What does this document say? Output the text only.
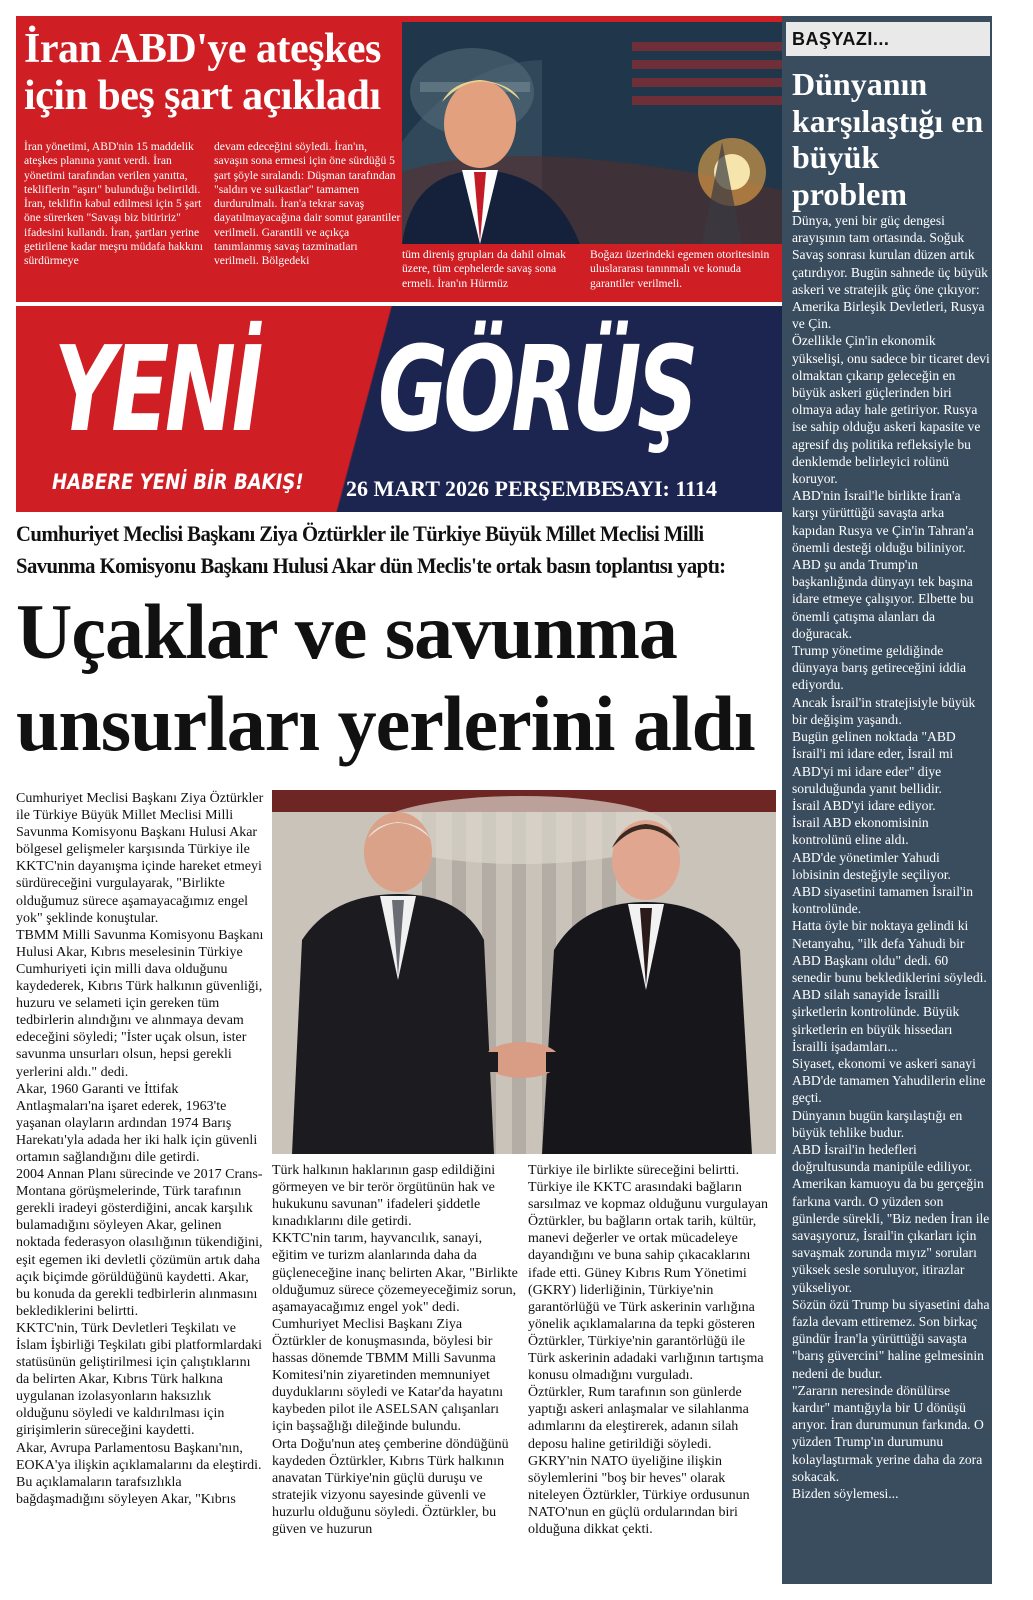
İran ABD'ye ateşkes için beş şart açıkladı
İran yönetimi, ABD'nin 15 maddelik ateşkes planına yanıt verdi. İran yönetimi tarafından verilen yanıtta, tekliflerin "aşırı" bulunduğu belirtildi. İran, teklifin kabul edilmesi için 5 şart öne sürerken "Savaşı biz bitiririz" ifadesini kullandı. İran, şartları yerine getirilene kadar meşru müdafa hakkını sürdürmeye
devam edeceğini söyledi. İran'ın, savaşın sona ermesi için öne sürdüğü 5 şart şöyle sıralandı: Düşman tarafından "saldırı ve suikastlar" tamamen durdurulmalı. İran'a tekrar savaş dayatılmayacağına dair somut garantiler verilmeli. Garantili ve açıkça tanımlanmış savaş tazminatları verilmeli. Bölgedeki	tüm direniş grupları da dahil olmak üzere, tüm cephelerde savaş sona ermeli. İran'ın Hürmüz
Boğazı üzerindeki egemen otoritesinin uluslararası tanınmalı ve konuda garantiler verilmeli.
YENİ GÖRÜŞ
HABERE YENİ BİR BAKIŞ! 26 MART 2026 PERŞEMBE
SAYI: 1114
BAŞYAZI...
Dünyanın karşılaştığı en büyük problem

Dünya, yeni bir güç dengesi arayışının tam ortasında. Soğuk Savaş sonrası kurulan düzen artık çatırdıyor. Bugün sahnede üç büyük askeri ve stratejik güç öne çıkıyor: Amerika Birleşik Devletleri, Rusya ve Çin.

Özellikle Çin'in ekonomik yükselişi, onu sadece bir ticaret devi olmaktan çıkarıp geleceğin en büyük askeri güçlerinden biri olmaya aday hale getiriyor. Rusya ise sahip olduğu askeri kapasite ve agresif dış politika refleksiyle bu denklemde belirleyici rolünü koruyor.

ABD'nin İsrail'le birlikte İran'a karşı yürüttüğü savaşta arka kapıdan Rusya ve Çin'in Tahran'a önemli desteği olduğu biliniyor.

ABD şu anda Trump'ın başkanlığında dünyayı tek başına idare etmeye çalışıyor. Elbette bu önemli çatışma alanları da doğuracak.

Trump yönetime geldiğinde dünyaya barış getireceğini iddia ediyordu.

Ancak İsrail'in stratejisiyle büyük bir değişim yaşandı.

Bugün gelinen noktada "ABD İsrail'i mi idare eder, İsrail mi ABD'yi mi idare eder" diye sorulduğunda yanıt bellidir.

İsrail ABD'yi idare ediyor.

İsrail ABD ekonomisinin kontrolünü eline aldı.

ABD'de yönetimler Yahudi lobisinin desteğiyle seçiliyor.

ABD siyasetini tamamen İsrail'in kontrolünde.

Hatta öyle bir noktaya gelindi ki Netanyahu, "ilk defa Yahudi bir ABD Başkanı oldu" dedi. 60 senedir bunu beklediklerini söyledi.

ABD silah sanayide İsrailli şirketlerin kontrolünde. Büyük şirketlerin en büyük hissedarı İsrailli işadamları...

Siyaset, ekonomi ve askeri sanayi ABD'de tamamen Yahudilerin eline geçti.

Dünyanın bugün karşılaştığı en büyük tehlike budur.

ABD İsrail'in hedefleri doğrultusunda manipüle ediliyor.

Amerikan kamuoyu da bu gerçeğin farkına vardı. O yüzden son günlerde sürekli, "Biz neden İran ile savaşıyoruz, İsrail'in çıkarları için savaşmak zorunda mıyız" soruları yüksek sesle soruluyor, itirazlar yükseliyor.

Sözün özü Trump bu siyasetini daha fazla devam ettiremez. Son birkaç gündür İran'la yürüttüğü savaşta "barış güvercini" haline gelmesinin nedeni de budur.

"Zararın neresinde dönülürse kardır" mantığıyla bir U dönüşü arıyor. İran durumunun farkında. O yüzden Trump'ın durumunu kolaylaştırmak yerine daha da zora sokacak.

Bizden söylemesi...

Cumhuriyet Meclisi Başkanı Ziya Öztürkler ile Türkiye Büyük Millet Meclisi Milli Savunma Komisyonu Başkanı Hulusi Akar dün Meclis'te ortak basın toplantısı yaptı:
Uçaklar ve savunma unsurları yerlerini aldı

Cumhuriyet Meclisi Başkanı Ziya Öztürkler ile Türkiye Büyük Millet Meclisi Milli Savunma Komisyonu Başkanı Hulusi Akar bölgesel gelişmeler karşısında Türkiye ile KKTC'nin dayanışma içinde hareket etmeyi sürdüreceğini vurgulayarak, "Birlikte olduğumuz sürece aşamayacağımız engel yok" şeklinde konuştular.

TBMM Milli Savunma Komisyonu Başkanı Hulusi Akar, Kıbrıs meselesinin Türkiye Cumhuriyeti için milli dava olduğunu kaydederek, Kıbrıs Türk halkının güvenliği, huzuru ve selameti için gereken tüm tedbirlerin alındığını ve alınmaya devam edeceğini söyledi; "İster uçak olsun, ister savunma unsurları olsun, hepsi gerekli yerlerini aldı." dedi.

Akar, 1960 Garanti ve İttifak Antlaşmaları'na işaret ederek, 1963'te yaşanan olayların ardından 1974 Barış Harekatı'yla adada her iki halk için güvenli ortamın sağlandığını dile getirdi.

2004 Annan Planı sürecinde ve 2017 Crans-Montana görüşmelerinde, Türk tarafının gerekli iradeyi gösterdiğini, ancak karşılık bulamadığını söyleyen Akar, gelinen noktada federasyon olasılığının tükendiğini, eşit egemen iki devletli çözümün artık daha açık biçimde görüldüğünü kaydetti. Akar, bu konuda da gerekli tedbirlerin alınmasını beklediklerini belirtti.

KKTC'nin, Türk Devletleri Teşkilatı ve İslam İşbirliği Teşkilatı gibi platformlardaki statüsünün geliştirilmesi için çalıştıklarını da belirten Akar, Kıbrıs Türk halkına uygulanan izolasyonların haksızlık olduğunu söyledi ve kaldırılması için girişimlerin süreceğini kaydetti.

Akar, Avrupa Parlamentosu Başkanı'nın, EOKA'ya ilişkin açıklamalarını da eleştirdi. Bu açıklamaların tarafsızlıkla bağdaşmadığını söyleyen Akar, "Kıbrıs

Türk halkının haklarının gasp edildiğini görmeyen ve bir terör örgütünün hak ve hukukunu savunan" ifadeleri şiddetle kınadıklarını dile getirdi.

KKTC'nin tarım, hayvancılık, sanayi, eğitim ve turizm alanlarında daha da güçleneceğine inanç belirten Akar, "Birlikte olduğumuz sürece çözemeyeceğimiz sorun, aşamayacağımız engel yok" dedi.

Cumhuriyet Meclisi Başkanı Ziya Öztürkler de konuşmasında, böylesi bir hassas dönemde TBMM Milli Savunma Komitesi'nin ziyaretinden memnuniyet duyduklarını söyledi ve Katar'da hayatını kaybeden pilot ile ASELSAN çalışanları için başsağlığı dileğinde bulundu.

Orta Doğu'nun ateş çemberine döndüğünü kaydeden Öztürkler, Kıbrıs Türk halkının anavatan Türkiye'nin güçlü duruşu ve stratejik vizyonu sayesinde güvenli ve huzurlu olduğunu söyledi. Öztürkler, bu güven ve huzurun

Türkiye ile birlikte süreceğini belirtti.

Türkiye ile KKTC arasındaki bağların sarsılmaz ve kopmaz olduğunu vurgulayan Öztürkler, bu bağların ortak tarih, kültür, manevi değerler ve ortak mücadeleye dayandığını ve buna sahip çıkacaklarını ifade etti. Güney Kıbrıs Rum Yönetimi (GKRY) liderliğinin, Türkiye'nin garantörlüğü ve Türk askerinin varlığına yönelik açıklamalarına da tepki gösteren Öztürkler, Türkiye'nin garantörlüğü ile Türk askerinin adadaki varlığının tartışma konusu olmadığını vurguladı.

Öztürkler, Rum tarafının son günlerde yaptığı askeri anlaşmalar ve silahlanma adımlarını da eleştirerek, adanın silah deposu haline getirildiği söyledi.

GKRY'nin NATO üyeliğine ilişkin söylemlerini "boş bir heves" olarak niteleyen Öztürkler, Türkiye ordusunun NATO'nun en güçlü ordularından biri olduğuna dikkat çekti.
